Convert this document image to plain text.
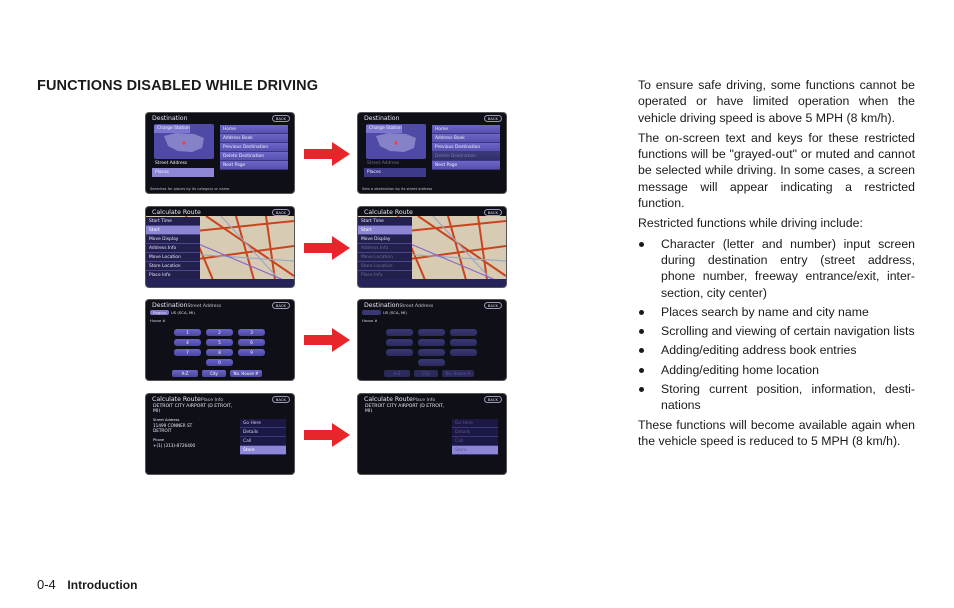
FUNCTIONS DISABLED WHILE DRIVING
Destination	BACK
Charge Station
Street Address
Places
Home
Address Book
Previous Destination
Delete Destination
Next Page
Searches for places by its category or name
Destination	BACK
Charge Station
Street Address
Places
Home
Address Book
Previous Destination
Delete Destination
Next Page
Sets a destination by its street address
Calculate Route	BACK
Start Time
Start
Move Display
Address Info
Move Location
Store Location
Place Info
Calculate Route	BACK
Start Time
Start
Move Display
Address Info
Move Location
Store Location
Place Info
DestinationStreet Address	BACK
Region US (SCA, MI)
House #
1	2	3
4	5	6
7	8	9
0
A-Z	City	No. House #
DestinationStreet Address	BACK
Region US (SCA, MI)
House #
A-Z	City	No. House #
Calculate RoutePlace Info	BACK
DETROIT CITY AIRPORT (D ETROIT, MI)
Street Address
11499 CONNER ST
DETROIT
Phone
+(1) (313)-8726400
Go Here
Details
Call
Store
Calculate RoutePlace Info	BACK
DETROIT CITY AIRPORT (D ETROIT, MI)
Go Here
Details
Call
Store

To ensure safe driving, some functions cannot be operated or have limited operation when the vehicle driving speed is above 5 MPH (8 km/h).

The on-screen text and keys for these restricted functions will be "grayed-out" or muted and cannot be selected while driving. In some cases, a screen message will appear indicating a restricted function.

Restricted functions while driving include:

Character (letter and number) input screen during destination entry (street address, phone number, freeway entrance/exit, inter-section, city center)
Places search by name and city name
Scrolling and viewing of certain navigation lists
Adding/editing address book entries
Adding/editing home location
Storing current position, information, desti-nations

These functions will become available again when the vehicle speed is reduced to 5 MPH (8 km/h).

0-4 Introduction
